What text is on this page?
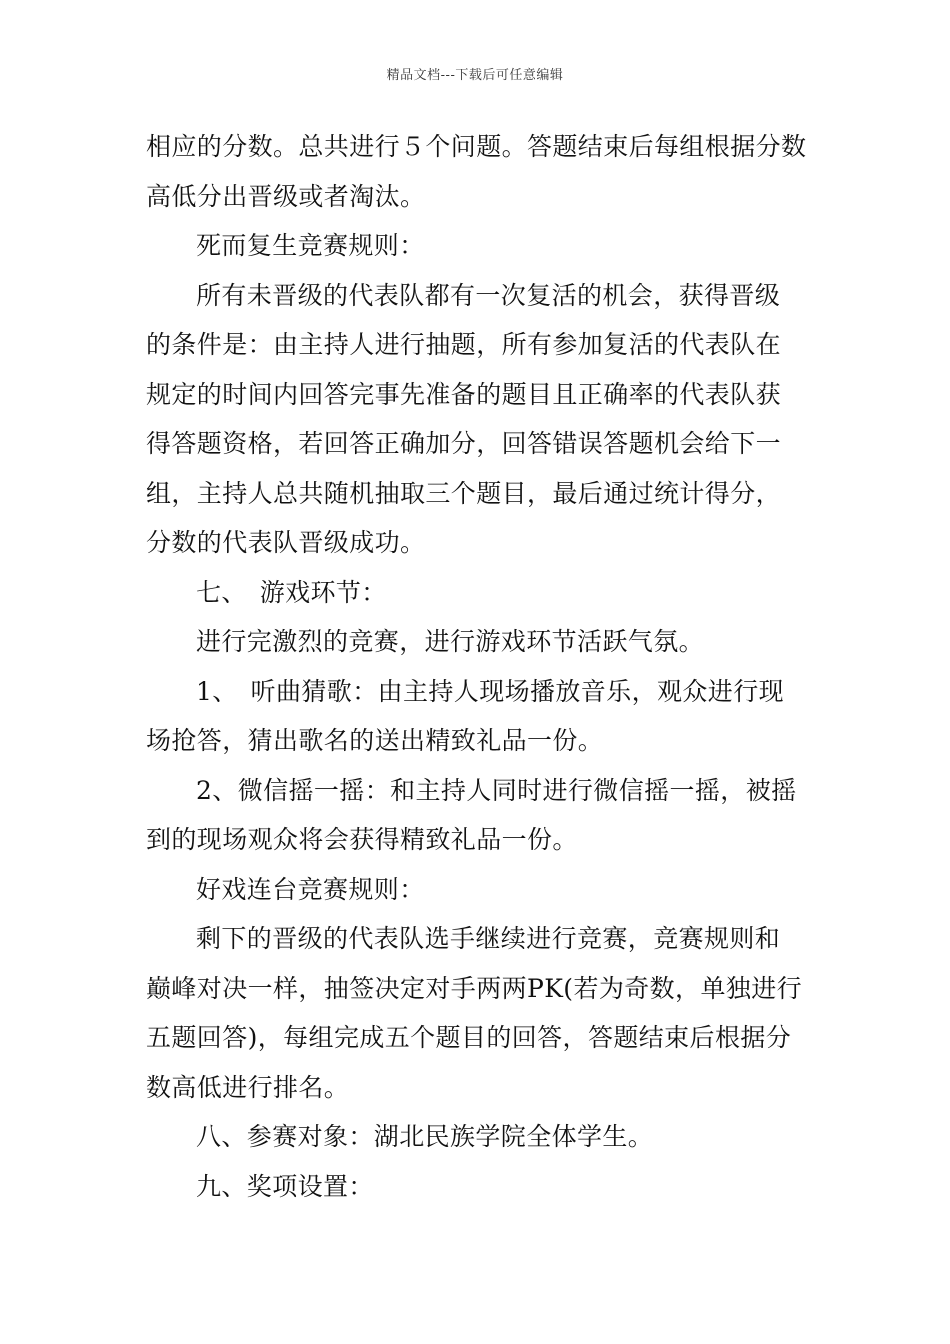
精品文档---下载后可任意编辑
相应的分数。总共进行５个问题。答题结束后每组根据分数
高低分出晋级或者淘汰。
死而复生竞赛规则：
所有未晋级的代表队都有一次复活的机会，获得晋级
的条件是：由主持人进行抽题，所有参加复活的代表队在
规定的时间内回答完事先准备的题目且正确率的代表队获
得答题资格，若回答正确加分，回答错误答题机会给下一
组，主持人总共随机抽取三个题目，最后通过统计得分，
分数的代表队晋级成功。
七、　游戏环节：
进行完激烈的竞赛，进行游戏环节活跃气氛。
1、　听曲猜歌：由主持人现场播放音乐，观众进行现
场抢答，猜出歌名的送出精致礼品一份。
2、微信摇一摇：和主持人同时进行微信摇一摇，被摇
到的现场观众将会获得精致礼品一份。
好戏连台竞赛规则：
剩下的晋级的代表队选手继续进行竞赛，竞赛规则和
巅峰对决一样，抽签决定对手两两PK(若为奇数，单独进行
五题回答)，每组完成五个题目的回答，答题结束后根据分
数高低进行排名。
八、参赛对象：湖北民族学院全体学生。
九、奖项设置：
